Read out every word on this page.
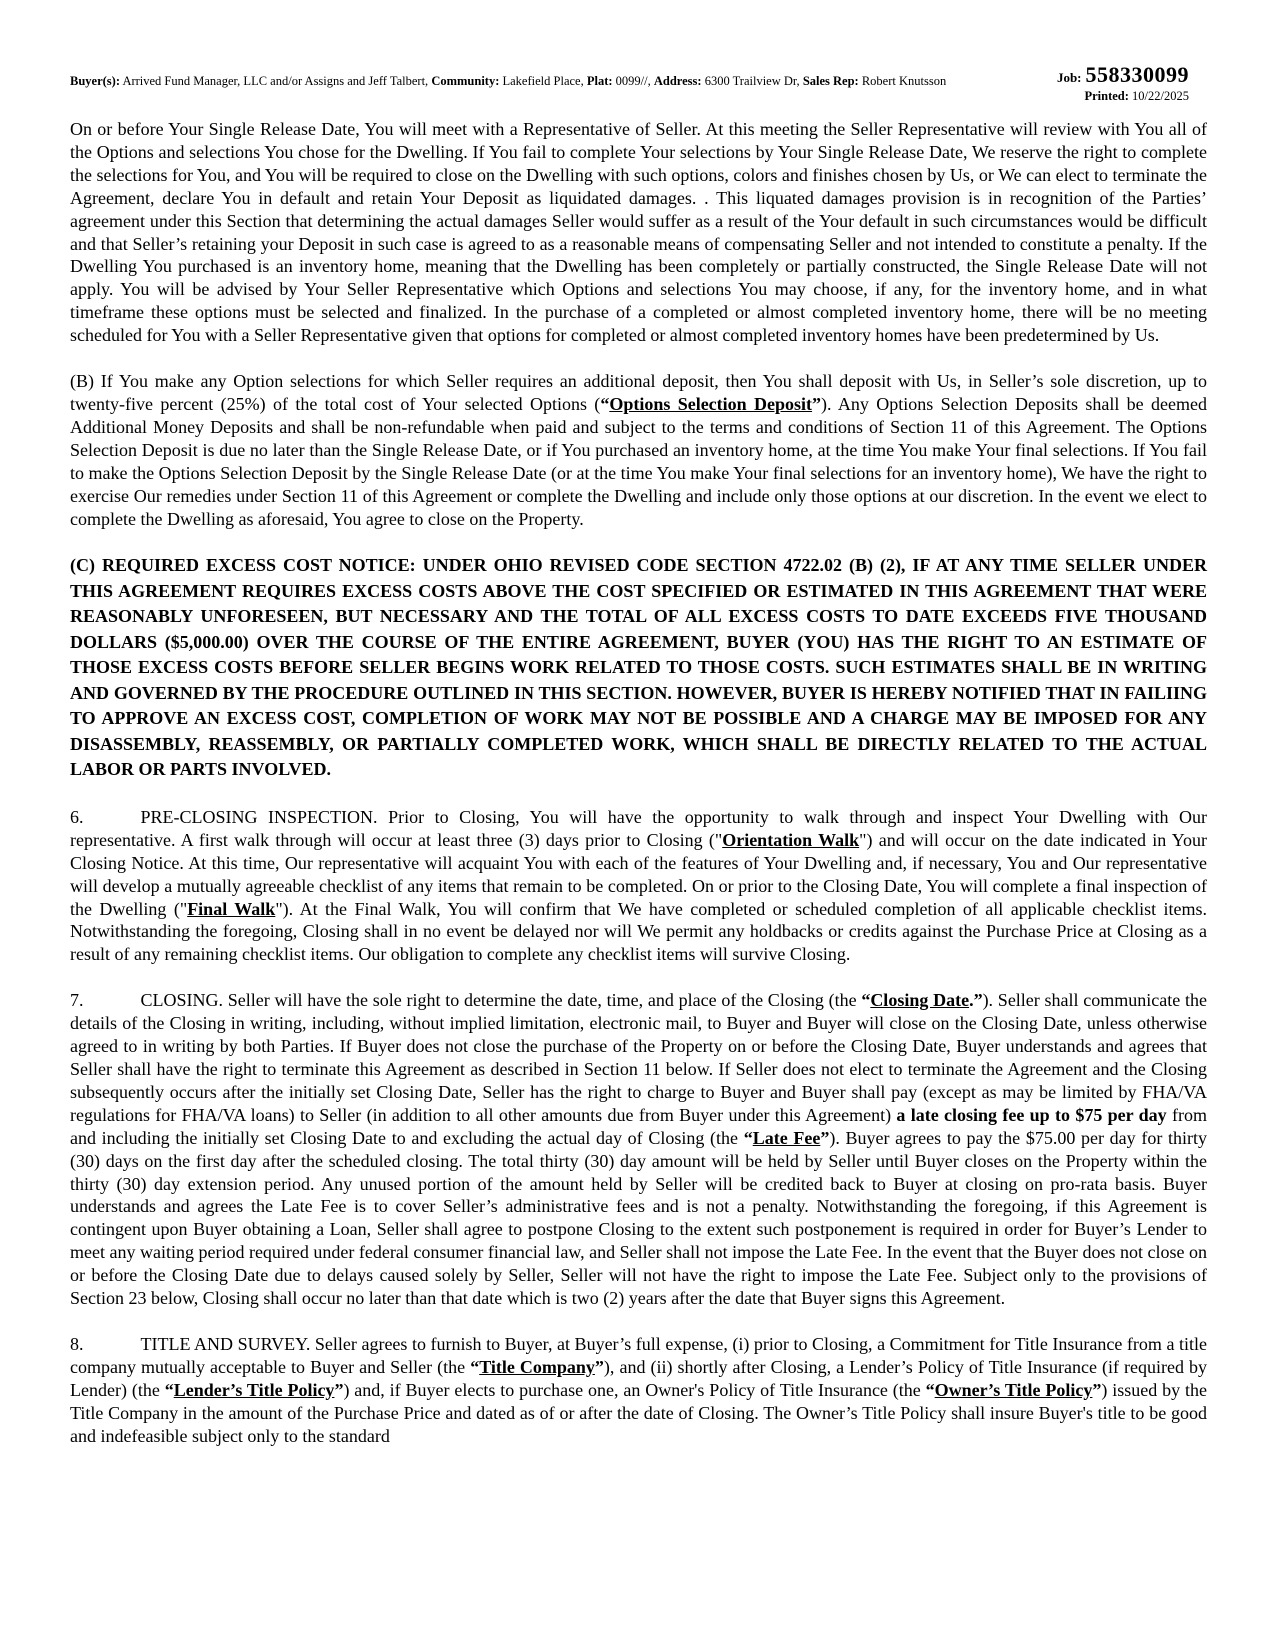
Buyer(s): Arrived Fund Manager, LLC and/or Assigns and Jeff Talbert, Community: Lakefield Place, Plat: 0099//, Address: 6300 Trailview Dr, Sales Rep: Robert Knutsson	Job: 558330099
Printed: 10/22/2025

On or before Your Single Release Date, You will meet with a Representative of Seller. At this meeting the Seller Representative will review with You all of the Options and selections You chose for the Dwelling. If You fail to complete Your selections by Your Single Release Date, We reserve the right to complete the selections for You, and You will be required to close on the Dwelling with such options, colors and finishes chosen by Us, or We can elect to terminate the Agreement, declare You in default and retain Your Deposit as liquidated damages. . This liquated damages provision is in recognition of the Parties’ agreement under this Section that determining the actual damages Seller would suffer as a result of the Your default in such circumstances would be difficult and that Seller’s retaining your Deposit in such case is agreed to as a reasonable means of compensating Seller and not intended to constitute a penalty. If the Dwelling You purchased is an inventory home, meaning that the Dwelling has been completely or partially constructed, the Single Release Date will not apply. You will be advised by Your Seller Representative which Options and selections You may choose, if any, for the inventory home, and in what timeframe these options must be selected and finalized. In the purchase of a completed or almost completed inventory home, there will be no meeting scheduled for You with a Seller Representative given that options for completed or almost completed inventory homes have been predetermined by Us.

(B) If You make any Option selections for which Seller requires an additional deposit, then You shall deposit with Us, in Seller’s sole discretion, up to twenty-five percent (25%) of the total cost of Your selected Options (“Options Selection Deposit”). Any Options Selection Deposits shall be deemed Additional Money Deposits and shall be non-refundable when paid and subject to the terms and conditions of Section 11 of this Agreement. The Options Selection Deposit is due no later than the Single Release Date, or if You purchased an inventory home, at the time You make Your final selections. If You fail to make the Options Selection Deposit by the Single Release Date (or at the time You make Your final selections for an inventory home), We have the right to exercise Our remedies under Section 11 of this Agreement or complete the Dwelling and include only those options at our discretion. In the event we elect to complete the Dwelling as aforesaid, You agree to close on the Property.

(C) REQUIRED EXCESS COST NOTICE: UNDER OHIO REVISED CODE SECTION 4722.02 (B) (2), IF AT ANY TIME SELLER UNDER THIS AGREEMENT REQUIRES EXCESS COSTS ABOVE THE COST SPECIFIED OR ESTIMATED IN THIS AGREEMENT THAT WERE REASONABLY UNFORESEEN, BUT NECESSARY AND THE TOTAL OF ALL EXCESS COSTS TO DATE EXCEEDS FIVE THOUSAND DOLLARS ($5,000.00) OVER THE COURSE OF THE ENTIRE AGREEMENT, BUYER (YOU) HAS THE RIGHT TO AN ESTIMATE OF THOSE EXCESS COSTS BEFORE SELLER BEGINS WORK RELATED TO THOSE COSTS. SUCH ESTIMATES SHALL BE IN WRITING AND GOVERNED BY THE PROCEDURE OUTLINED IN THIS SECTION. HOWEVER, BUYER IS HEREBY NOTIFIED THAT IN FAILIING TO APPROVE AN EXCESS COST, COMPLETION OF WORK MAY NOT BE POSSIBLE AND A CHARGE MAY BE IMPOSED FOR ANY DISASSEMBLY, REASSEMBLY, OR PARTIALLY COMPLETED WORK, WHICH SHALL BE DIRECTLY RELATED TO THE ACTUAL LABOR OR PARTS INVOLVED.

6.	PRE-CLOSING INSPECTION. Prior to Closing, You will have the opportunity to walk through and inspect Your Dwelling with Our representative. A first walk through will occur at least three (3) days prior to Closing ("Orientation Walk") and will occur on the date indicated in Your Closing Notice. At this time, Our representative will acquaint You with each of the features of Your Dwelling and, if necessary, You and Our representative will develop a mutually agreeable checklist of any items that remain to be completed. On or prior to the Closing Date, You will complete a final inspection of the Dwelling ("Final Walk"). At the Final Walk, You will confirm that We have completed or scheduled completion of all applicable checklist items. Notwithstanding the foregoing, Closing shall in no event be delayed nor will We permit any holdbacks or credits against the Purchase Price at Closing as a result of any remaining checklist items. Our obligation to complete any checklist items will survive Closing.

7.	CLOSING. Seller will have the sole right to determine the date, time, and place of the Closing (the “Closing Date.”). Seller shall communicate the details of the Closing in writing, including, without implied limitation, electronic mail, to Buyer and Buyer will close on the Closing Date, unless otherwise agreed to in writing by both Parties. If Buyer does not close the purchase of the Property on or before the Closing Date, Buyer understands and agrees that Seller shall have the right to terminate this Agreement as described in Section 11 below. If Seller does not elect to terminate the Agreement and the Closing subsequently occurs after the initially set Closing Date, Seller has the right to charge to Buyer and Buyer shall pay (except as may be limited by FHA/VA regulations for FHA/VA loans) to Seller (in addition to all other amounts due from Buyer under this Agreement) a late closing fee up to $75 per day from and including the initially set Closing Date to and excluding the actual day of Closing (the “Late Fee”). Buyer agrees to pay the $75.00 per day for thirty (30) days on the first day after the scheduled closing. The total thirty (30) day amount will be held by Seller until Buyer closes on the Property within the thirty (30) day extension period. Any unused portion of the amount held by Seller will be credited back to Buyer at closing on pro-rata basis. Buyer understands and agrees the Late Fee is to cover Seller’s administrative fees and is not a penalty. Notwithstanding the foregoing, if this Agreement is contingent upon Buyer obtaining a Loan, Seller shall agree to postpone Closing to the extent such postponement is required in order for Buyer’s Lender to meet any waiting period required under federal consumer financial law, and Seller shall not impose the Late Fee. In the event that the Buyer does not close on or before the Closing Date due to delays caused solely by Seller, Seller will not have the right to impose the Late Fee. Subject only to the provisions of Section 23 below, Closing shall occur no later than that date which is two (2) years after the date that Buyer signs this Agreement.

8.	TITLE AND SURVEY. Seller agrees to furnish to Buyer, at Buyer’s full expense, (i) prior to Closing, a Commitment for Title Insurance from a title company mutually acceptable to Buyer and Seller (the “Title Company”), and (ii) shortly after Closing, a Lender’s Policy of Title Insurance (if required by Lender) (the “Lender’s Title Policy”) and, if Buyer elects to purchase one, an Owner's Policy of Title Insurance (the “Owner’s Title Policy”) issued by the Title Company in the amount of the Purchase Price and dated as of or after the date of Closing. The Owner’s Title Policy shall insure Buyer's title to be good and indefeasible subject only to the standard
